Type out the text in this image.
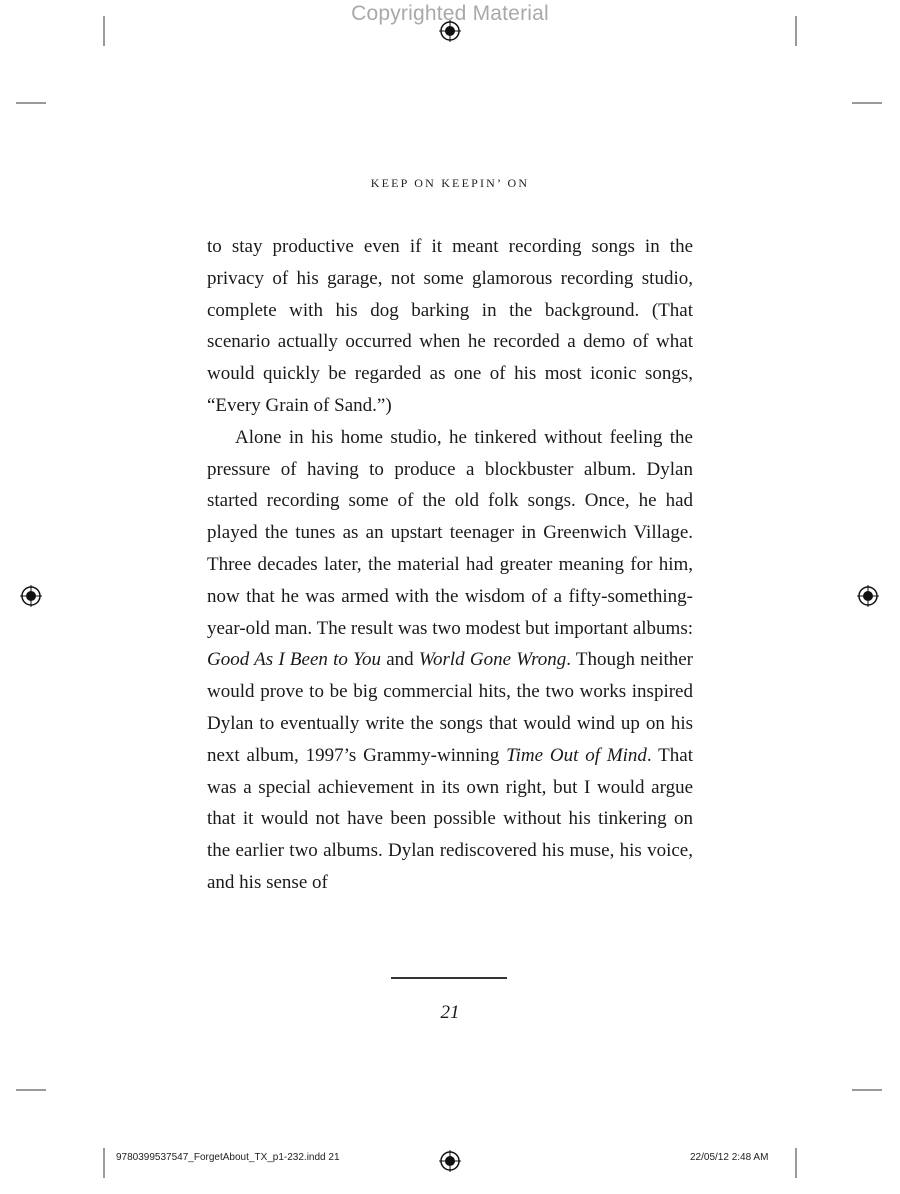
Copyrighted Material
KEEP ON KEEPIN’ ON

to stay productive even if it meant recording songs in the privacy of his garage, not some glamorous recording studio, complete with his dog barking in the background. (That scenario actually occurred when he recorded a demo of what would quickly be regarded as one of his most iconic songs, “Every Grain of Sand.”)

Alone in his home studio, he tinkered without feeling the pressure of having to produce a blockbuster album. Dylan started recording some of the old folk songs. Once, he had played the tunes as an upstart teenager in Greenwich Village. Three decades later, the material had greater meaning for him, now that he was armed with the wisdom of a fifty-something-year-old man. The result was two modest but important albums: Good As I Been to You and World Gone Wrong. Though neither would prove to be big commercial hits, the two works inspired Dylan to eventually write the songs that would wind up on his next album, 1997’s Grammy-winning Time Out of Mind. That was a special achievement in its own right, but I would argue that it would not have been possible without his tinkering on the earlier two albums. Dylan rediscovered his muse, his voice, and his sense of

21
9780399537547_ForgetAbout_TX_p1-232.indd 21	22/05/12 2:48 AM
